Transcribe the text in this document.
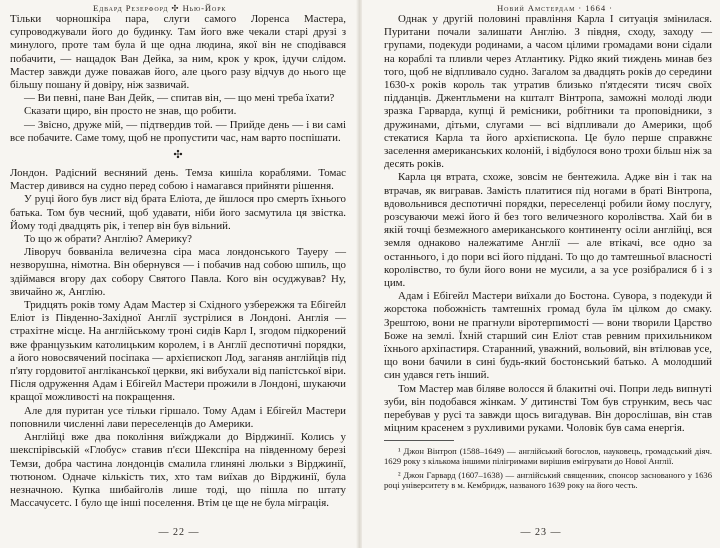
Едвард Резерфорд ✣ Нью-Йорк

Тільки чорношкіра пара, слуги самого Лоренса Мастера, супроводжували його до будинку. Там його вже чекали старі друзі з минулого, проте там була й ще одна людина, якої він не сподівався побачити, — нащадок Ван Дейка, за ним, крок у крок, ідучи слідом. Мастер завжди дуже поважав його, але цього разу відчув до нього ще більшу пошану й довіру, ніж зазвичай.

— Ви певні, пане Ван Дейк, — спитав він, — що мені треба їхати?

Сказати щиро, він просто не знав, що робити.

— Звісно, друже мій, — підтвердив той. — Прийде день — і ви самі все побачите. Саме тому, щоб не пропустити час, нам варто поспішати.

✣

Лондон. Радісний весняний день. Темза кишіла кораблями. Томас Мастер дивився на судно перед собою і намагався прийняти рішення.

У руці його був лист від брата Еліота, де йшлося про смерть їхнього батька. Том був чесний, щоб удавати, ніби його засмутила ця звістка. Йому тоді двадцять рік, і тепер він був вільний.

То що ж обрати? Англію? Америку?

Ліворуч бовваніла величезна сіра маса лондонського Тауеру — незворушна, німотна. Він обернувся — і побачив над собою шпиль, що здіймався вгору дах собору Святого Павла. Кого він осуджував? Ну, звичайно ж, Англію.

Тридцять років тому Адам Мастер зі Східного узбережжя та Ебігейл Еліот із Південно-Західної Англії зустрілися в Лондоні. Англія — страхітне місце. На англійському троні сидів Карл І, згодом підкорений вже французьким католицьким королем, і в Англії деспотичні порядки, а його новосвячений посіпака — архієпископ Лод, заганяв англійців під п'яту гордовитої англіканської церкви, які вибухали від папістської віри. Після одруження Адам і Ебігейл Мастери прожили в Лондоні, шукаючи кращої можливості на покращення.

Але для пуритан усе тільки гіршало. Тому Адам і Ебігейл Мастери поповнили численні лави переселенців до Америки.

Англійці вже два покоління виїжджали до Вірджинії. Колись у шекспірівській «Глобус» ставив п'єси Шекспіра на південному березі Темзи, добра частина лондонців смалила глиняні люльки з Вірджинії, тютюном. Одначе кількість тих, хто там виїхав до Вірджинії, була незначною. Купка шибайголів лише тоді, що пішла по штату Массачусетс. І було ще інші поселення. Втім це ще не була міграція.

— 22 —
Новий Амстердам · 1664 ·

Однак у другій половині правління Карла І ситуація змінилася. Пуритани почали залишати Англію. З півдня, сходу, заходу — групами, подекуди родинами, а часом цілими громадами вони сідали на кораблі та пливли через Атлантику. Рідко який тиждень минав без того, щоб не відпливало судно. Загалом за двадцять років до середини 1630-х років король так утратив близько п'ятдесяти тисяч своїх підданців. Джентльмени на кшталт Вінтропа, заможні молоді люди зразка Гарварда, купці й ремісники, робітники та проповідники, з дружинами, дітьми, слугами — всі відпливали до Америки, щоб стекатися Карла та його архієпископа. Це було перше справжнє заселення американських колоній, і відбулося воно трохи більш ніж за десять років.

Карла ця втрата, схоже, зовсім не бентежила. Адже він і так на втрачав, як вигравав. Замість платитися під ногами в браті Вінтропа, вдовольнився деспотичні порядки, переселенці робили йому послугу, розсуваючи межі його й без того величезного королівства. Хай би в якій точці безмежного американського континенту осіли англійці, вся земля однаково належатиме Англії — але втікачі, все одно за останнього, і до пори всі його піддані. То що до тамтешньої власності королівство, то були його вони не мусили, а за усе розібралися б і з цим.

Адам і Ебігейл Мастери виїхали до Бостона. Сувора, з подекуди й жорстока побожність тамтешніх громад була їм цілком до смаку. Зрештою, вони не прагнули віротерпимості — вони творили Царство Боже на землі. Їхній старший син Еліот став ревним прихильником їхнього архіпастиря. Старанний, уважний, вольовий, він втілював усе, що вони бачили в сині будь-який бостонський батько. А молодший син удався геть інший.

Том Мастер мав біляве волосся й блакитні очі. Попри ледь випнуті зуби, він подобався жінкам. У дитинстві Том був струнким, весь час перебував у русі та завжди щось вигадував. Він дорослішав, він став міцним красенем з рухливими руками. Чоловік був сама енергія.

¹ Джон Вінтроп (1588–1649) — англійський богослов, науковець, громадський діяч. 1629 року з кількома іншими пілігримами вирішив емігрувати до Нової Англії.

² Джон Гарвард (1607–1638) — англійський священник, спонсор заснованого у 1636 році університету в м. Кембридж, названого 1639 року на його честь.

— 23 —
